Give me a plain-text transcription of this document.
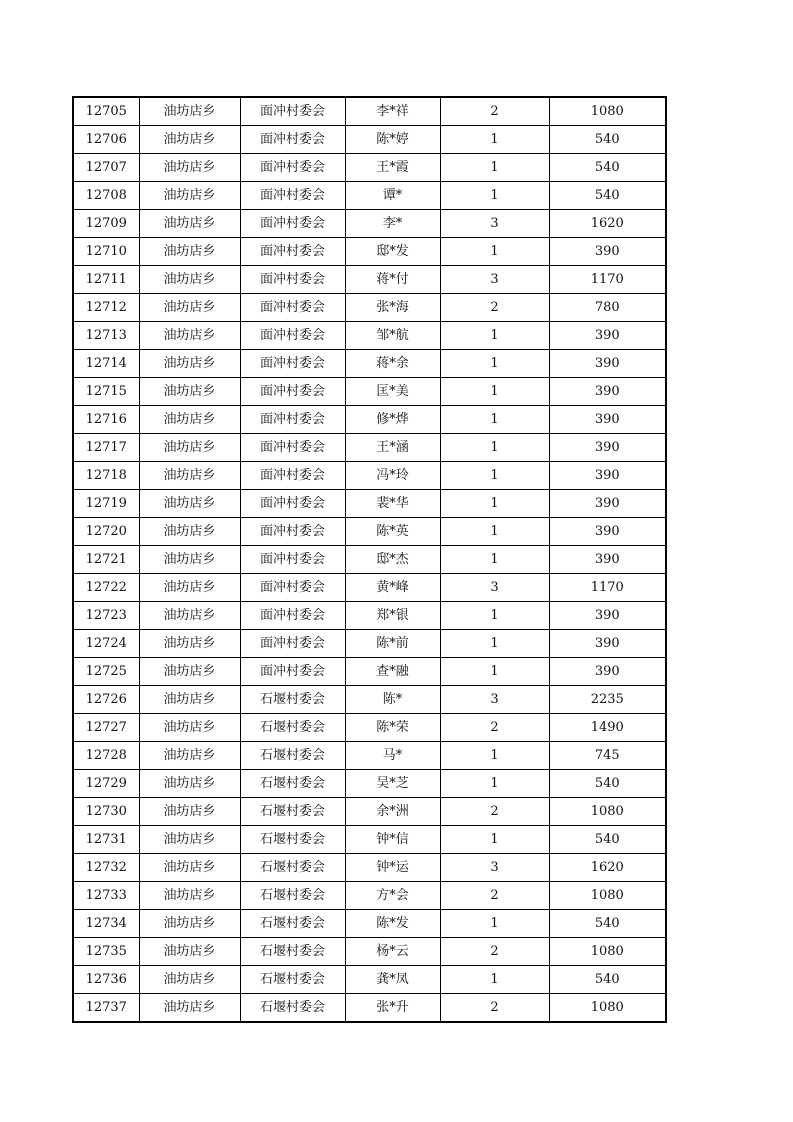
12705	油坊店乡	面冲村委会	李*祥	2	1080
12706	油坊店乡	面冲村委会	陈*婷	1	540
12707	油坊店乡	面冲村委会	王*霞	1	540
12708	油坊店乡	面冲村委会	谭*	1	540
12709	油坊店乡	面冲村委会	李*	3	1620
12710	油坊店乡	面冲村委会	邸*发	1	390
12711	油坊店乡	面冲村委会	蒋*付	3	1170
12712	油坊店乡	面冲村委会	张*海	2	780
12713	油坊店乡	面冲村委会	邹*航	1	390
12714	油坊店乡	面冲村委会	蒋*余	1	390
12715	油坊店乡	面冲村委会	匡*美	1	390
12716	油坊店乡	面冲村委会	修*烨	1	390
12717	油坊店乡	面冲村委会	王*涵	1	390
12718	油坊店乡	面冲村委会	冯*玲	1	390
12719	油坊店乡	面冲村委会	裴*华	1	390
12720	油坊店乡	面冲村委会	陈*英	1	390
12721	油坊店乡	面冲村委会	邸*杰	1	390
12722	油坊店乡	面冲村委会	黄*峰	3	1170
12723	油坊店乡	面冲村委会	郑*银	1	390
12724	油坊店乡	面冲村委会	陈*前	1	390
12725	油坊店乡	面冲村委会	查*融	1	390
12726	油坊店乡	石堰村委会	陈*	3	2235
12727	油坊店乡	石堰村委会	陈*荣	2	1490
12728	油坊店乡	石堰村委会	马*	1	745
12729	油坊店乡	石堰村委会	吴*芝	1	540
12730	油坊店乡	石堰村委会	余*洲	2	1080
12731	油坊店乡	石堰村委会	钟*信	1	540
12732	油坊店乡	石堰村委会	钟*运	3	1620
12733	油坊店乡	石堰村委会	方*会	2	1080
12734	油坊店乡	石堰村委会	陈*发	1	540
12735	油坊店乡	石堰村委会	杨*云	2	1080
12736	油坊店乡	石堰村委会	龚*凤	1	540
12737	油坊店乡	石堰村委会	张*升	2	1080
